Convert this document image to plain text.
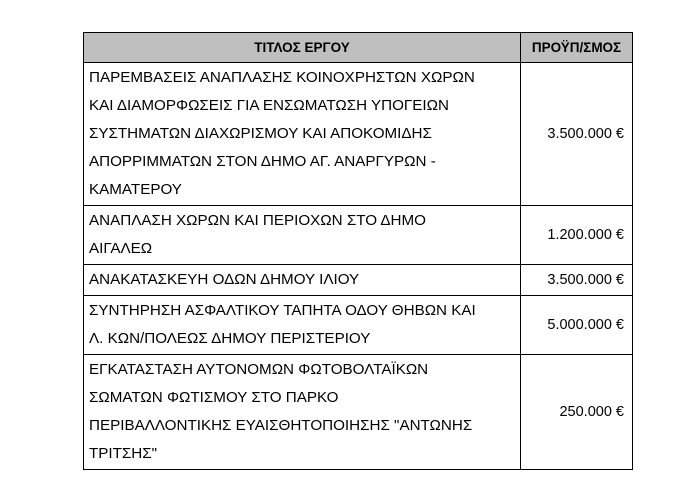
ΤΙΤΛΟΣ ΕΡΓΟΥ	ΠΡΟΫΠ/ΣΜΟΣ

ΠΑΡΕΜΒΑΣΕΙΣ ΑΝΑΠΛΑΣΗΣ ΚΟΙΝΟΧΡΗΣΤΩΝ ΧΩΡΩΝ
ΚΑΙ ΔΙΑΜΟΡΦΩΣΕΙΣ ΓΙΑ ΕΝΣΩΜΑΤΩΣΗ ΥΠΟΓΕΙΩΝ
ΣΥΣΤΗΜΑΤΩΝ ΔΙΑΧΩΡΙΣΜΟΥ ΚΑΙ ΑΠΟΚΟΜΙΔΗΣ
ΑΠΟΡΡΙΜΜΑΤΩΝ ΣΤΟΝ ΔΗΜΟ ΑΓ. ΑΝΑΡΓΥΡΩΝ -
ΚΑΜΑΤΕΡΟΥ	3.500.000 €

ΑΝΑΠΛΑΣΗ ΧΩΡΩΝ ΚΑΙ ΠΕΡΙΟΧΩΝ ΣΤΟ ΔΗΜΟ
ΑΙΓΑΛΕΩ	1.200.000 €

ΑΝΑΚΑΤΑΣΚΕΥΗ ΟΔΩΝ ΔΗΜΟΥ ΙΛΙΟΥ	3.500.000 €

ΣΥΝΤΗΡΗΣΗ ΑΣΦΑΛΤΙΚΟΥ ΤΑΠΗΤΑ ΟΔΟΥ ΘΗΒΩΝ ΚΑΙ
Λ. ΚΩΝ/ΠΟΛΕΩΣ ΔΗΜΟΥ ΠΕΡΙΣΤΕΡΙΟΥ	5.000.000 €

ΕΓΚΑΤΑΣΤΑΣΗ ΑΥΤΟΝΟΜΩΝ ΦΩΤΟΒΟΛΤΑΪΚΩΝ
ΣΩΜΑΤΩΝ ΦΩΤΙΣΜΟΥ ΣΤΟ ΠΑΡΚΟ
ΠΕΡΙΒΑΛΛΟΝΤΙΚΗΣ ΕΥΑΙΣΘΗΤΟΠΟΙΗΣΗΣ "ΑΝΤΩΝΗΣ
ΤΡΙΤΣΗΣ"	250.000 €
